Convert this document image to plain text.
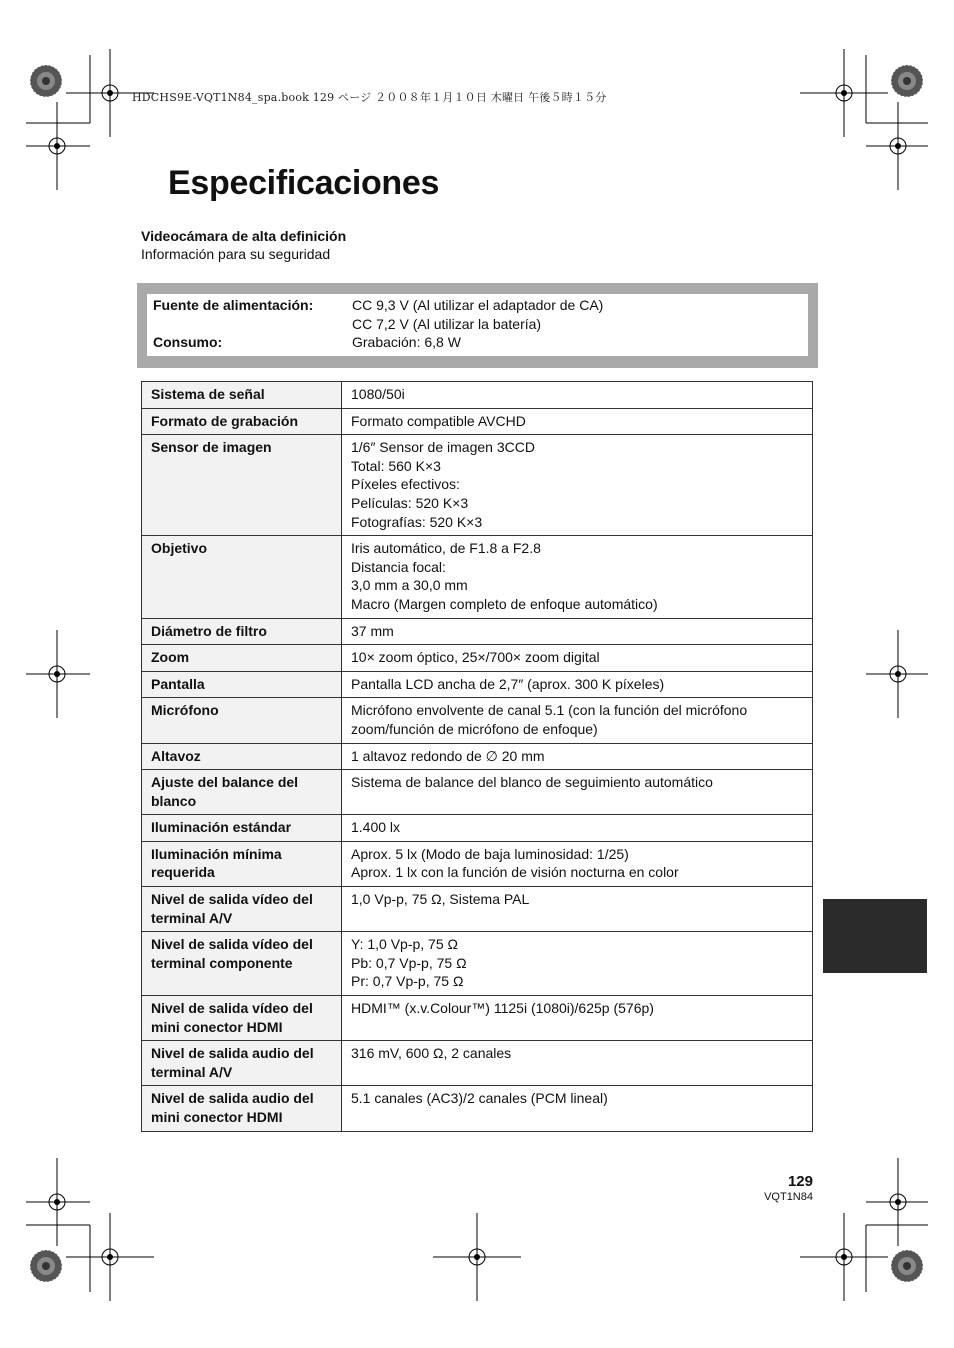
HDCHS9E-VQT1N84_spa.book 129 ページ ２００８年１月１０日 木曜日 午後５時１５分
Especificaciones
Videocámara de alta definición
Información para su seguridad
Fuente de alimentación:	CC 9,3 V (Al utilizar el adaptador de CA)
CC 7,2 V (Al utilizar la batería)
Consumo:	Grabación: 6,8 W
Sistema de señal	1080/50i

Formato de grabación	Formato compatible AVCHD

Sensor de imagen	1/6″ Sensor de imagen 3CCD
Total: 560 K×3
Píxeles efectivos:
Películas: 520 K×3
Fotografías: 520 K×3

Objetivo	Iris automático, de F1.8 a F2.8
Distancia focal:
3,0 mm a 30,0 mm
Macro (Margen completo de enfoque automático)

Diámetro de filtro	37 mm

Zoom	10× zoom óptico, 25×/700× zoom digital

Pantalla	Pantalla LCD ancha de 2,7″ (aprox. 300 K píxeles)

Micrófono	Micrófono envolvente de canal 5.1 (con la función del micrófono zoom/función de micrófono de enfoque)

Altavoz	1 altavoz redondo de ∅ 20 mm

Ajuste del balance del blanco	Sistema de balance del blanco de seguimiento automático

Iluminación estándar	1.400 lx

Iluminación mínima requerida	Aprox. 5 lx (Modo de baja luminosidad: 1/25)
Aprox. 1 lx con la función de visión nocturna en color

Nivel de salida vídeo del terminal A/V	1,0 Vp-p, 75 Ω, Sistema PAL

Nivel de salida vídeo del terminal componente	Y: 1,0 Vp-p, 75 Ω
Pb: 0,7 Vp-p, 75 Ω
Pr: 0,7 Vp-p, 75 Ω

Nivel de salida vídeo del mini conector HDMI	HDMI™ (x.v.Colour™) 1125i (1080i)/625p (576p)

Nivel de salida audio del terminal A/V	316 mV, 600 Ω, 2 canales

Nivel de salida audio del mini conector HDMI	5.1 canales (AC3)/2 canales (PCM lineal)
129
VQT1N84
